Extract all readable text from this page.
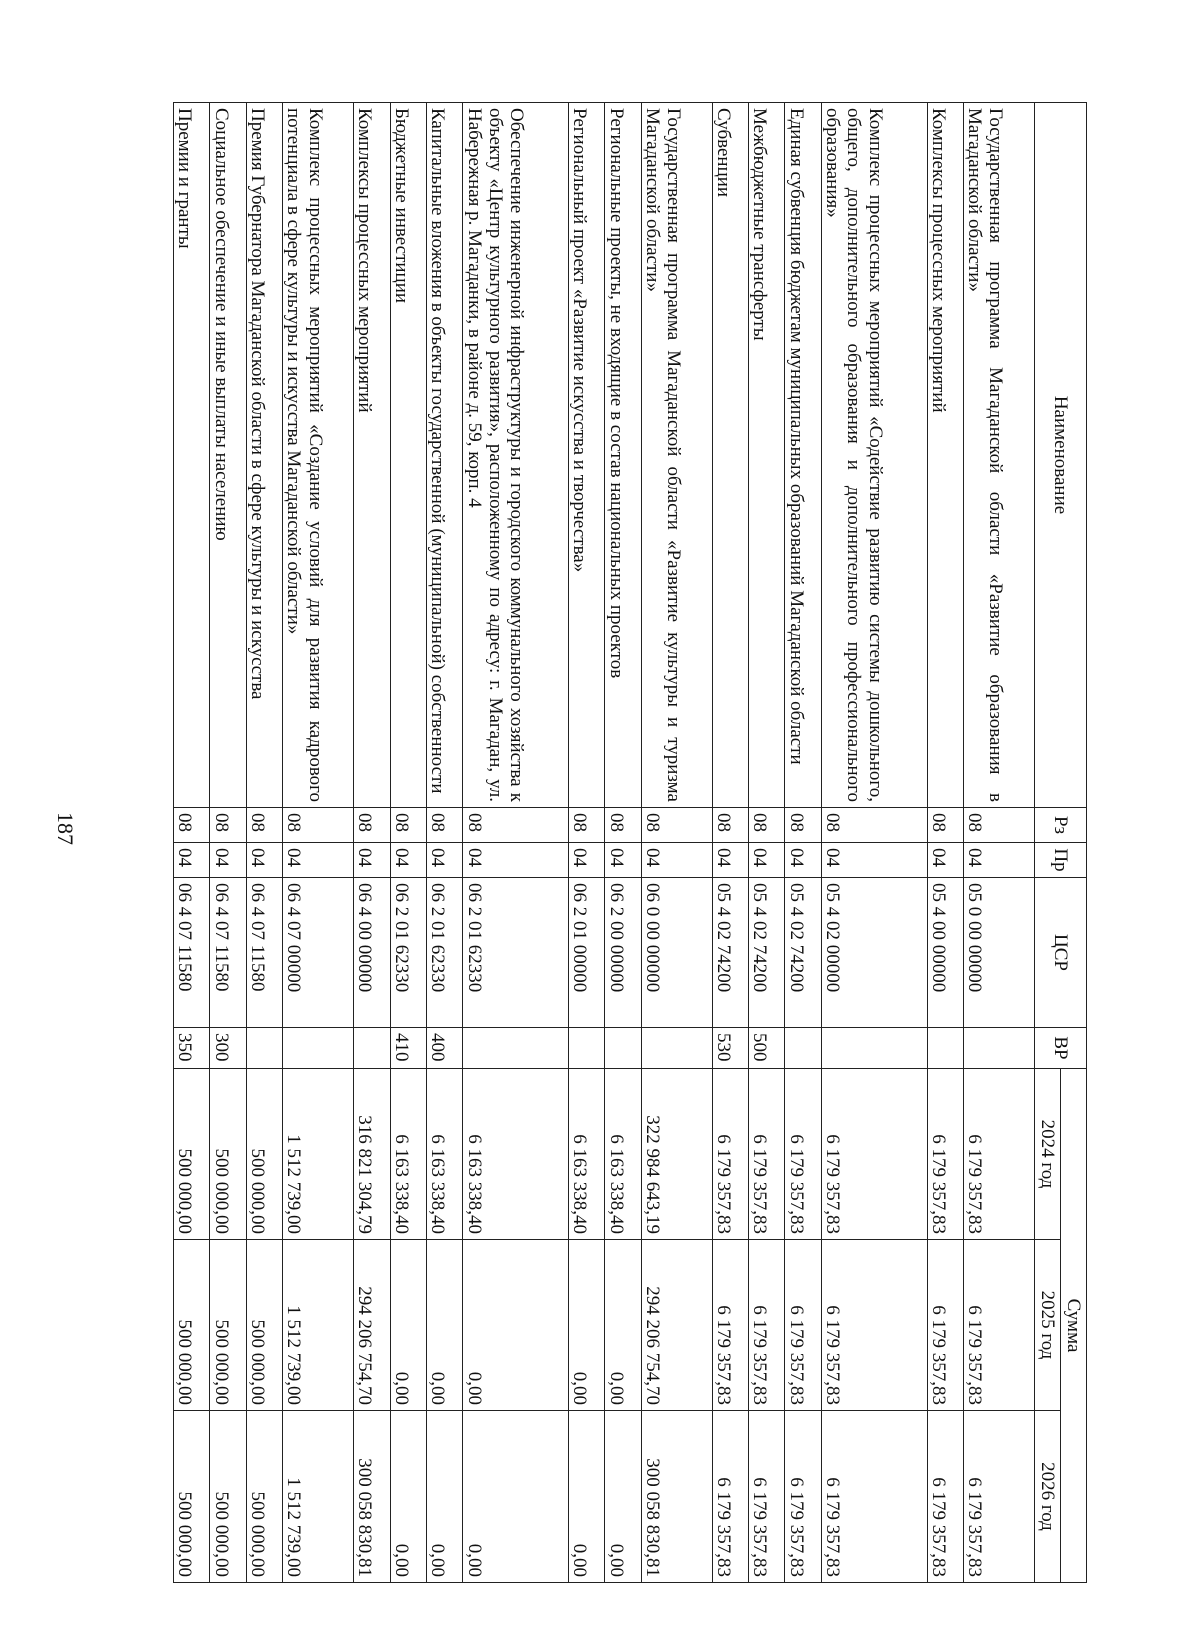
187
Наименование	Рз	Пр	ЦСР	ВР	Сумма		
					2024 год	2025 год	2026 год
Государственная программа Магаданской области «Развитие образования в Магаданской области»	08	04	05 0 00 00000		6 179 357,83	6 179 357,83	6 179 357,83
Комплексы процессных мероприятий	08	04	05 4 00 00000		6 179 357,83	6 179 357,83	6 179 357,83
Комплекс процессных мероприятий «Содействие развитию системы дошкольного, общего, дополнительного образования и дополнительного профессионального образования»	08	04	05 4 02 00000		6 179 357,83	6 179 357,83	6 179 357,83
Единая субвенция бюджетам муниципальных образований Магаданской области	08	04	05 4 02 74200		6 179 357,83	6 179 357,83	6 179 357,83
Межбюджетные трансферты	08	04	05 4 02 74200	500	6 179 357,83	6 179 357,83	6 179 357,83
Субвенции	08	04	05 4 02 74200	530	6 179 357,83	6 179 357,83	6 179 357,83
Государственная программа Магаданской области «Развитие культуры и туризма Магаданской области»	08	04	06 0 00 00000		322 984 643,19	294 206 754,70	300 058 830,81
Региональные проекты, не входящие в состав национальных проектов	08	04	06 2 00 00000		6 163 338,40	0,00	0,00
Региональный проект «Развитие искусства и творчества»	08	04	06 2 01 00000		6 163 338,40	0,00	0,00
Обеспечение инженерной инфраструктуры и городского коммунального хозяйства к объекту «Центр культурного развития», расположенному по адресу: г. Магадан, ул. Набережная р. Магаданки, в районе д. 59, корп. 4	08	04	06 2 01 62330		6 163 338,40	0,00	0,00
Капитальные вложения в объекты государственной (муниципальной) собственности	08	04	06 2 01 62330	400	6 163 338,40	0,00	0,00
Бюджетные инвестиции	08	04	06 2 01 62330	410	6 163 338,40	0,00	0,00
Комплексы процессных мероприятий	08	04	06 4 00 00000		316 821 304,79	294 206 754,70	300 058 830,81
Комплекс процессных мероприятий «Создание условий для развития кадрового потенциала в сфере культуры и искусства Магаданской области»	08	04	06 4 07 00000		1 512 739,00	1 512 739,00	1 512 739,00
Премия Губернатора Магаданской области в сфере культуры и искусства	08	04	06 4 07 11580		500 000,00	500 000,00	500 000,00
Социальное обеспечение и иные выплаты населению	08	04	06 4 07 11580	300	500 000,00	500 000,00	500 000,00
Премии и гранты	08	04	06 4 07 11580	350	500 000,00	500 000,00	500 000,00
